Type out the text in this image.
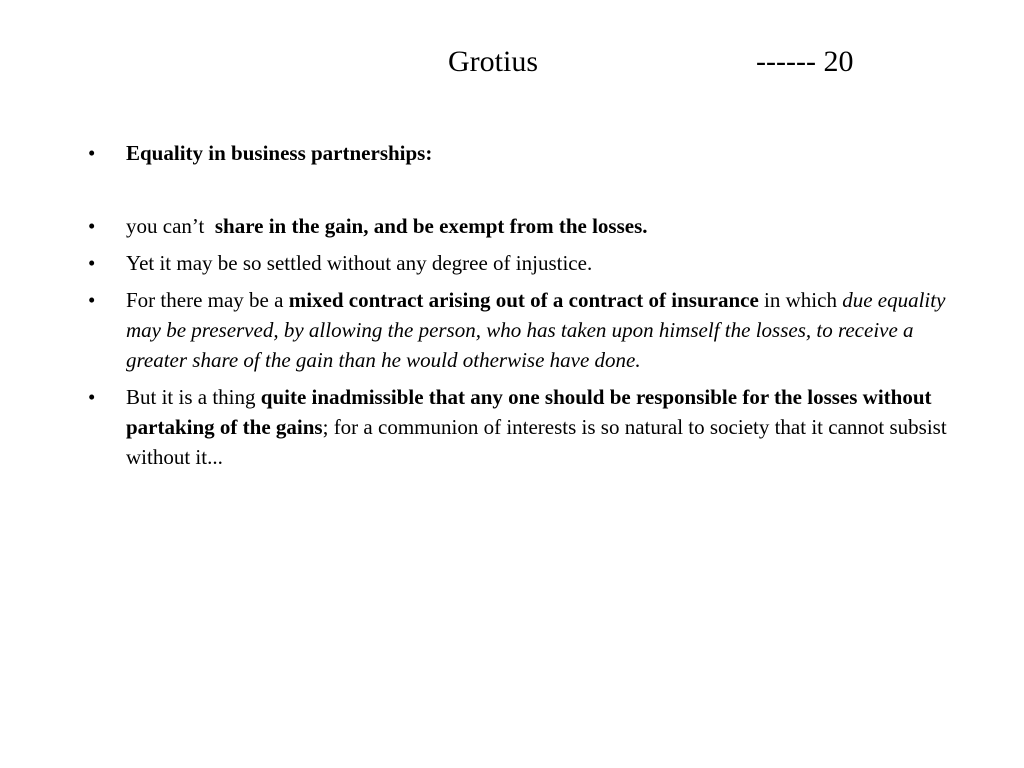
Grotius	------ 20
• Equality in business partnerships:
• you can’t  share in the gain, and be exempt from the losses.
• Yet it may be so settled without any degree of injustice.
• For there may be a mixed contract arising out of a contract of insurance in which due equality may be preserved, by allowing the person, who has taken upon himself the losses, to receive a greater share of the gain than he would otherwise have done.
• But it is a thing quite inadmissible that any one should be responsible for the losses without partaking of the gains; for a communion of interests is so natural to society that it cannot subsist without it...
